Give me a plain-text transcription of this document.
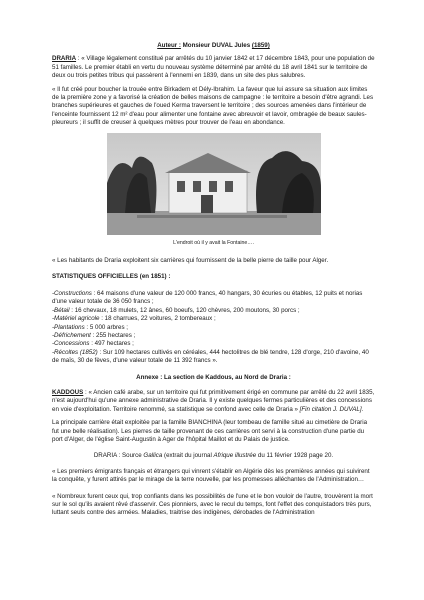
Auteur : Monsieur DUVAL Jules (1859)

DRARIA : « Village légalement constitué par arrêtés du 10 janvier 1842 et 17 décembre 1843, pour une population de 51 familles. Le premier établi en vertu du nouveau système déterminé par arrêté du 18 avril 1841 sur le territoire de deux ou trois petites tribus qui passèrent à l'ennemi en 1839, dans un site des plus salubres.

« Il fut créé pour boucher la trouée entre Birkadem et Dély-Ibrahim. La faveur que lui assure sa situation aux limites de la première zone y a favorisé la création de belles maisons de campagne : le territoire a besoin d'être agrandi. Les branches supérieures et gauches de l'oued Kerma traversent le territoire ; des sources amenées dans l'intérieur de l'enceinte fournissent 12 m² d'eau pour alimenter une fontaine avec abreuvoir et lavoir, ombragée de beaux saules-pleureurs ; il suffit de creuser à quelques mètres pour trouver de l'eau en abondance.

L'endroit où il y avait la Fontaine….

« Les habitants de Draria exploitent six carrières qui fournissent de la belle pierre de taille pour Alger.

STATISTIQUES OFFICIELLES (en 1851) :

-Constructions : 64 maisons d'une valeur de 120 000 francs, 40 hangars, 30 écuries ou étables, 12 puits et norias d'une valeur totale de 36 050 francs ;
-Bétail : 16 chevaux, 18 mulets, 12 ânes, 60 boeufs, 120 chèvres, 200 moutons, 30 porcs ;
-Matériel agricole : 18 charrues, 22 voitures, 2 tombereaux ;
-Plantations : 5 000 arbres ;
-Défrichement : 255 hectares ;
-Concessions : 497 hectares ;
-Récoltes (1852) : Sur 109 hectares cultivés en céréales, 444 hectolitres de blé tendre, 128 d'orge, 210 d'avoine, 40 de maïs, 30 de fèves, d'une valeur totale de 11 392 francs ».

Annexe : La section de Kaddous, au Nord de Draria :

KADDOUS : « Ancien café arabe, sur un territoire qui fut primitivement érigé en commune par arrêté du 22 avril 1835, n'est aujourd'hui qu'une annexe administrative de Draria. Il y existe quelques fermes particulières et des concessions en voie d'exploitation. Territoire renommé, sa statistique se confond avec celle de Draria » [Fin citation J. DUVAL].

La principale carrière était exploitée par la famille BIANCHINA (leur tombeau de famille situé au cimetière de Draria fut une belle réalisation). Les pierres de taille provenant de ces carrières ont servi à la construction d'une partie du port d'Alger, de l'église Saint-Augustin à Ager de l'hôpital Maillot et du Palais de justice.

DRARIA : Source Gallica (extrait du journal Afrique illustrée du 11 février 1928 page 20.

« Les premiers émigrants français et étrangers qui vinrent s'établir en Algérie dès les premières années qui suivirent la conquête, y furent attirés par le mirage de la terre nouvelle, par les promesses alléchantes de l'Administration…

« Nombreux furent ceux qui, trop confiants dans les possibilités de l'une et le bon vouloir de l'autre, trouvèrent la mort sur le sol qu'ils avaient rêvé d'asservir. Ces pionniers, avec le recul du temps, font l'effet des conquistadors très purs, luttant seuls contre des armées. Maladies, traitrise des indigènes, dérobades de l'Administration
